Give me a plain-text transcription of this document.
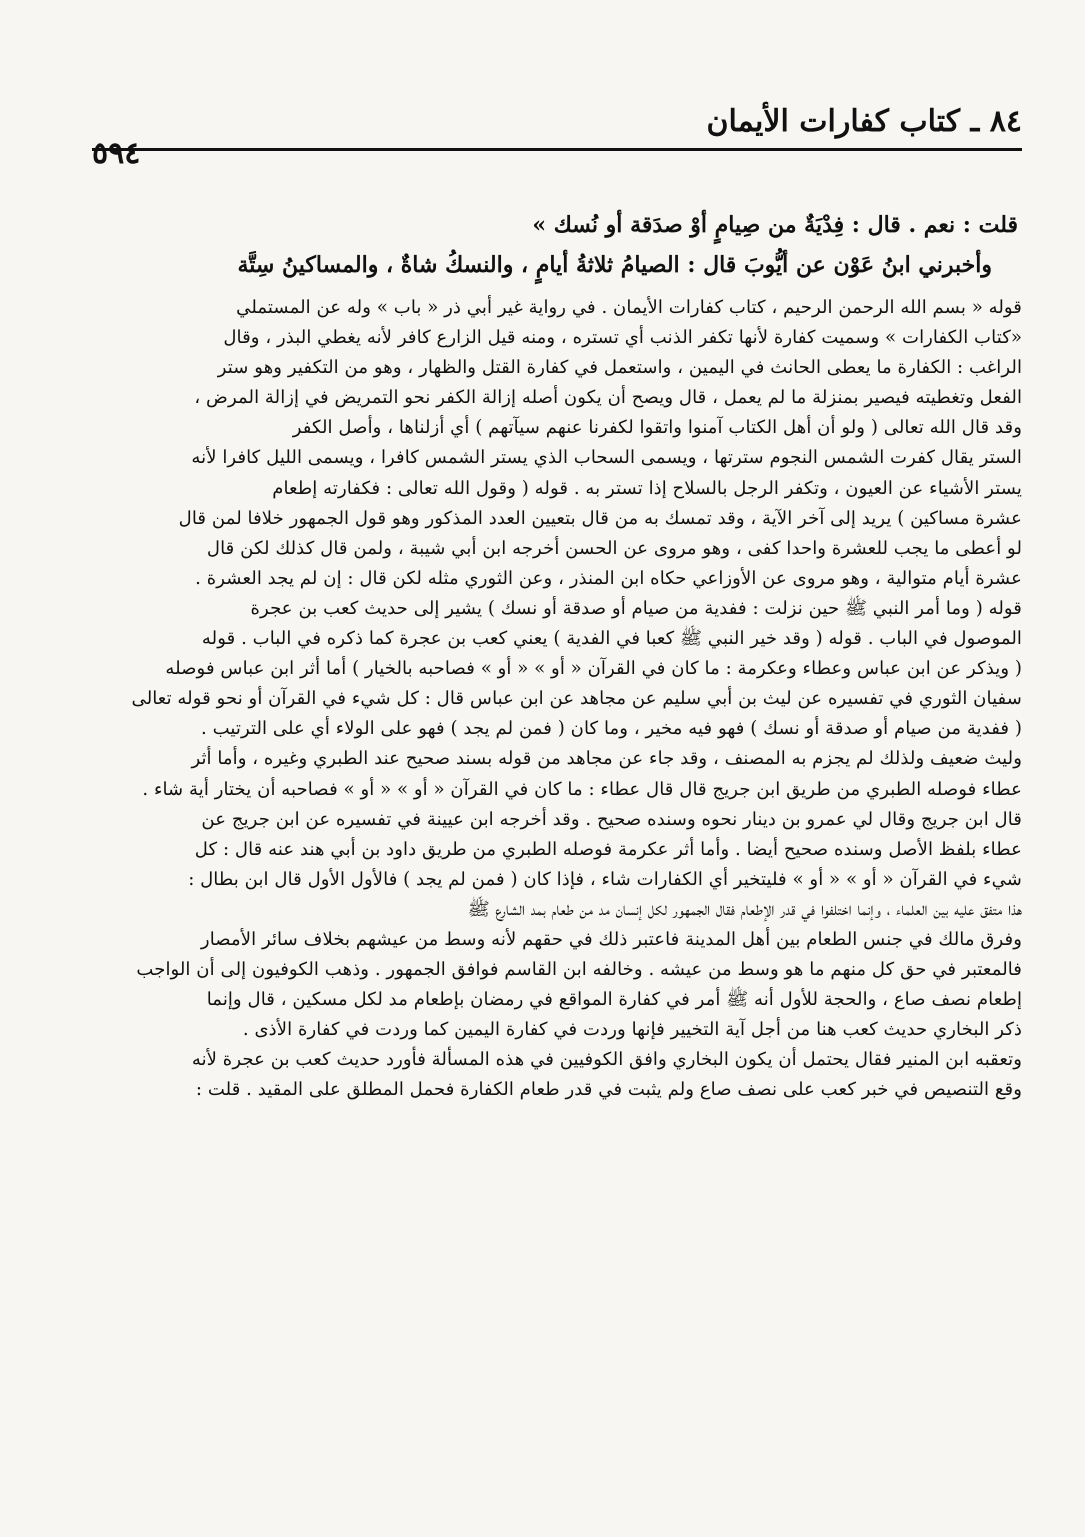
٨٤ ـ كتاب كفارات الأيمان
٥٩٤

قلت : نعم . قال : فِدْيَةٌ من صِيامٍ أوْ صدَقة أو نُسك »

وأخبرني ابنُ عَوْن عن أيُّوبَ قال : الصيامُ ثلاثةُ أيامٍ ، والنسكُ شاةٌ ، والمساكينُ سِتَّة

قوله « بسم الله الرحمن الرحيم ، كتاب كفارات الأيمان . في رواية غير أبي ذر « باب » وله عن المستملي
«كتاب الكفارات » وسميت كفارة لأنها تكفر الذنب أي تستره ، ومنه قيل الزارع كافر لأنه يغطي البذر ، وقال
الراغب : الكفارة ما يعطى الحانث في اليمين ، واستعمل في كفارة القتل والظهار ، وهو من التكفير وهو ستر
الفعل وتغطيته فيصير بمنزلة ما لم يعمل ، قال ويصح أن يكون أصله إزالة الكفر نحو التمريض في إزالة المرض ،
وقد قال الله تعالى ( ولو أن أهل الكتاب آمنوا واتقوا لكفرنا عنهم سيآتهم ) أي أزلناها ، وأصل الكفر
الستر يقال كفرت الشمس النجوم سترتها ، ويسمى السحاب الذي يستر الشمس كافرا ، ويسمى الليل كافرا لأنه
يستر الأشياء عن العيون ، وتكفر الرجل بالسلاح إذا تستر به . قوله ( وقول الله تعالى : فكفارته إطعام
عشرة مساكين ) يريد إلى آخر الآية ، وقد تمسك به من قال بتعيين العدد المذكور وهو قول الجمهور خلافا لمن قال
لو أعطى ما يجب للعشرة واحدا كفى ، وهو مروى عن الحسن أخرجه ابن أبي شيبة ، ولمن قال كذلك لكن قال
عشرة أيام متوالية ، وهو مروى عن الأوزاعي حكاه ابن المنذر ، وعن الثوري مثله لكن قال : إن لم يجد العشرة .
قوله ( وما أمر النبي ﷺ حين نزلت : ففدية من صيام أو صدقة أو نسك ) يشير إلى حديث كعب بن عجرة
الموصول في الباب . قوله ( وقد خير النبي ﷺ كعبا في الفدية ) يعني كعب بن عجرة كما ذكره في الباب . قوله
( ويذكر عن ابن عباس وعطاء وعكرمة : ما كان في القرآن « أو » « أو » فصاحبه بالخيار ) أما أثر ابن عباس فوصله
سفيان الثوري في تفسيره عن ليث بن أبي سليم عن مجاهد عن ابن عباس قال : كل شيء في القرآن أو نحو قوله تعالى
( ففدية من صيام أو صدقة أو نسك ) فهو فيه مخير ، وما كان ( فمن لم يجد ) فهو على الولاء أي على الترتيب .
وليث ضعيف ولذلك لم يجزم به المصنف ، وقد جاء عن مجاهد من قوله بسند صحيح عند الطبري وغيره ، وأما أثر
عطاء فوصله الطبري من طريق ابن جريج قال قال عطاء : ما كان في القرآن « أو » « أو » فصاحبه أن يختار أية شاء .
قال ابن جريج وقال لي عمرو بن دينار نحوه وسنده صحيح . وقد أخرجه ابن عيينة في تفسيره عن ابن جريج عن
عطاء بلفظ الأصل وسنده صحيح أيضا . وأما أثر عكرمة فوصله الطبري من طريق داود بن أبي هند عنه قال : كل
شيء في القرآن « أو » « أو » فليتخير أي الكفارات شاء ، فإذا كان ( فمن لم يجد ) فالأول الأول قال ابن بطال :
هذا متفق عليه بين العلماء ، وإنما اختلفوا في قدر الإطعام فقال الجمهور لكل إنسان مد من طعام بمد الشارع ﷺ
وفرق مالك في جنس الطعام بين أهل المدينة فاعتبر ذلك في حقهم لأنه وسط من عيشهم بخلاف سائر الأمصار
فالمعتبر في حق كل منهم ما هو وسط من عيشه . وخالفه ابن القاسم فوافق الجمهور . وذهب الكوفيون إلى أن الواجب
إطعام نصف صاع ، والحجة للأول أنه ﷺ أمر في كفارة المواقع في رمضان بإطعام مد لكل مسكين ، قال وإنما
ذكر البخاري حديث كعب هنا من أجل آية التخيير فإنها وردت في كفارة اليمين كما وردت في كفارة الأذى .
وتعقبه ابن المنير فقال يحتمل أن يكون البخاري وافق الكوفيين في هذه المسألة فأورد حديث كعب بن عجرة لأنه
وقع التنصيص في خبر كعب على نصف صاع ولم يثبت في قدر طعام الكفارة فحمل المطلق على المقيد . قلت :
